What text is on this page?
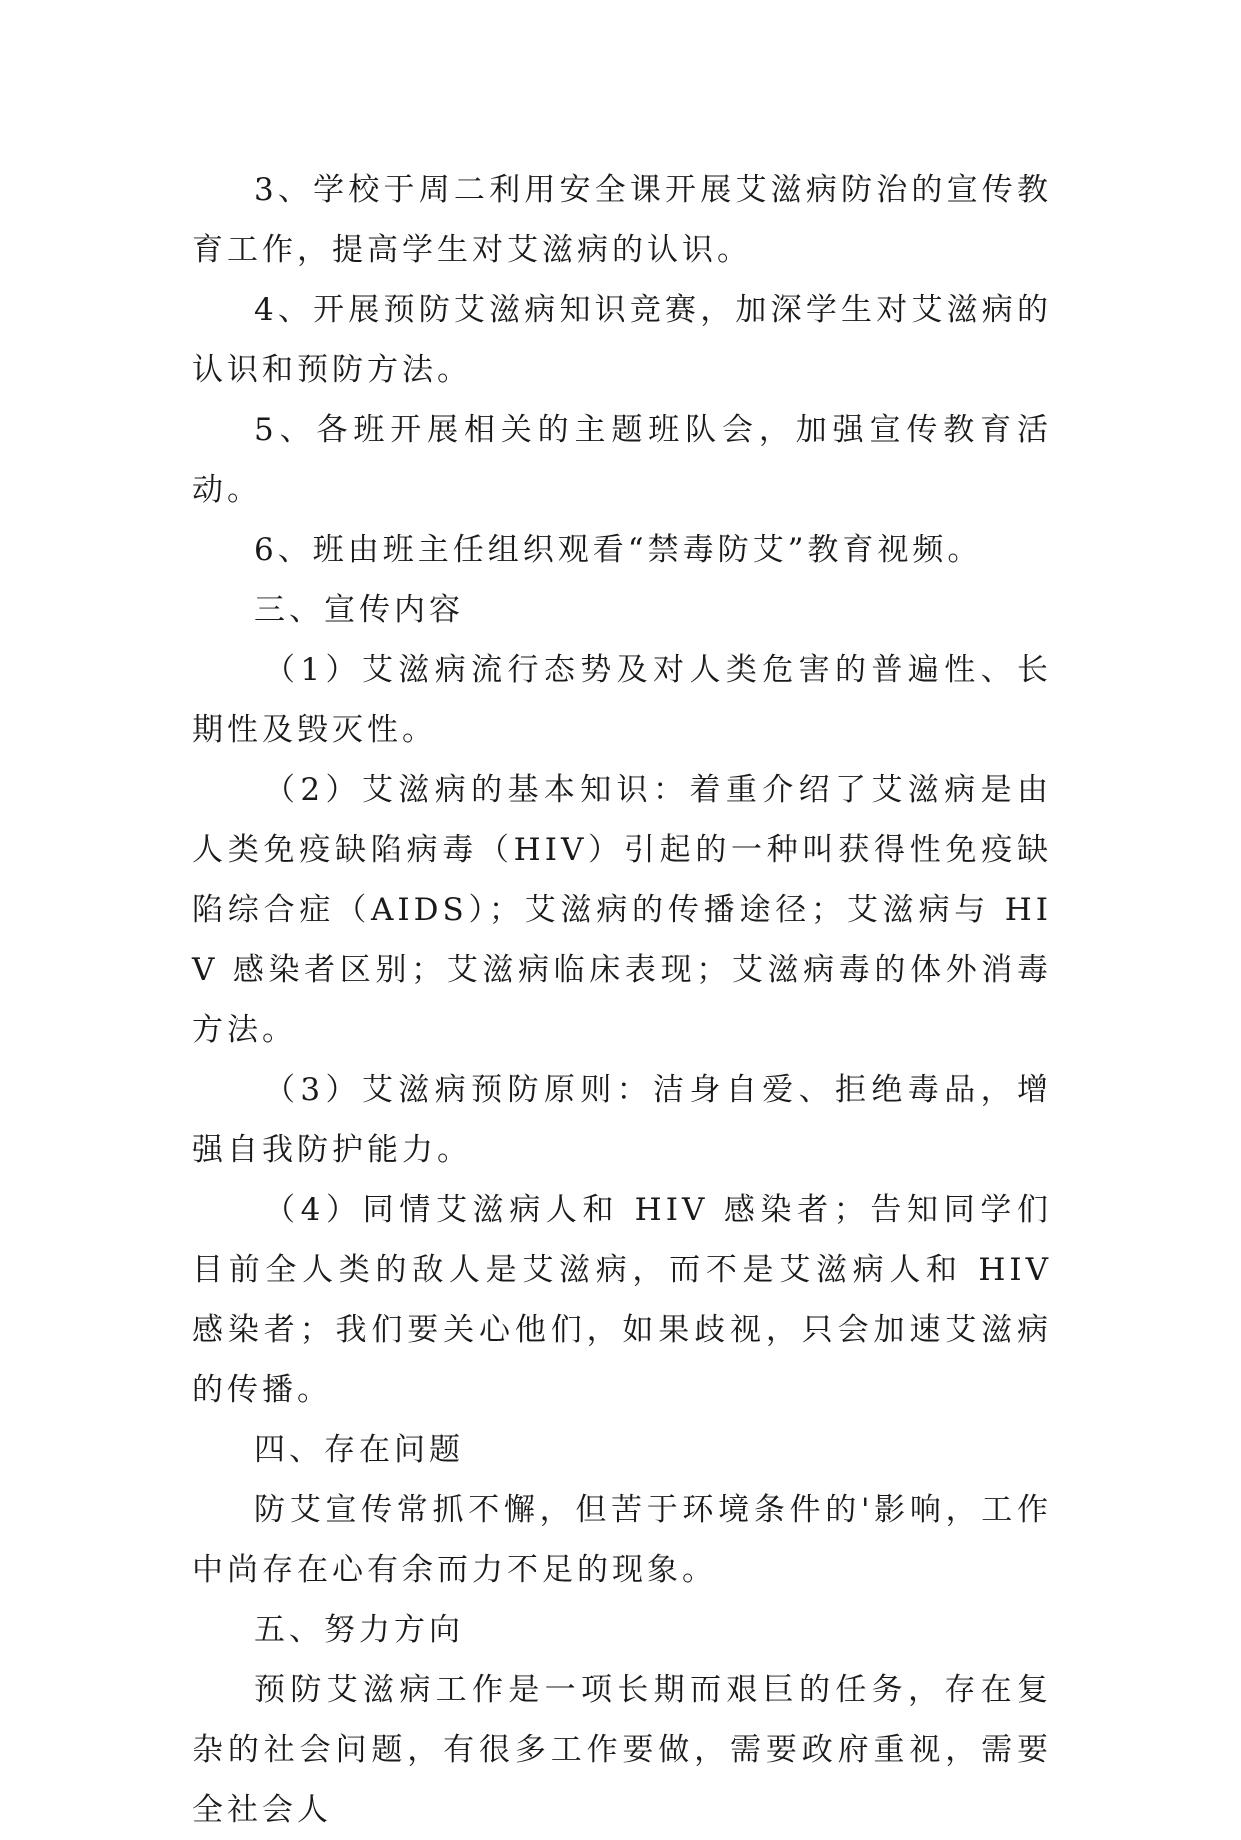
3、学校于周二利用安全课开展艾滋病防治的宣传教育工作，提高学生对艾滋病的认识。

4、开展预防艾滋病知识竞赛，加深学生对艾滋病的认识和预防方法。

5、各班开展相关的主题班队会，加强宣传教育活动。

6、班由班主任组织观看“禁毒防艾”教育视频。

三、宣传内容

（1）艾滋病流行态势及对人类危害的普遍性、长期性及毁灭性。

（2）艾滋病的基本知识：着重介绍了艾滋病是由人类免疫缺陷病毒（HIV）引起的一种叫获得性免疫缺陷综合症（AIDS）；艾滋病的传播途径；艾滋病与 HIV 感染者区别；艾滋病临床表现；艾滋病毒的体外消毒方法。

（3）艾滋病预防原则：洁身自爱、拒绝毒品，增强自我防护能力。

（4）同情艾滋病人和 HIV 感染者；告知同学们目前全人类的敌人是艾滋病，而不是艾滋病人和 HIV 感染者；我们要关心他们，如果歧视，只会加速艾滋病的传播。

四、存在问题

防艾宣传常抓不懈，但苦于环境条件的'影响，工作中尚存在心有余而力不足的现象。

五、努力方向

预防艾滋病工作是一项长期而艰巨的任务，存在复杂的社会问题，有很多工作要做，需要政府重视，需要全社会人
